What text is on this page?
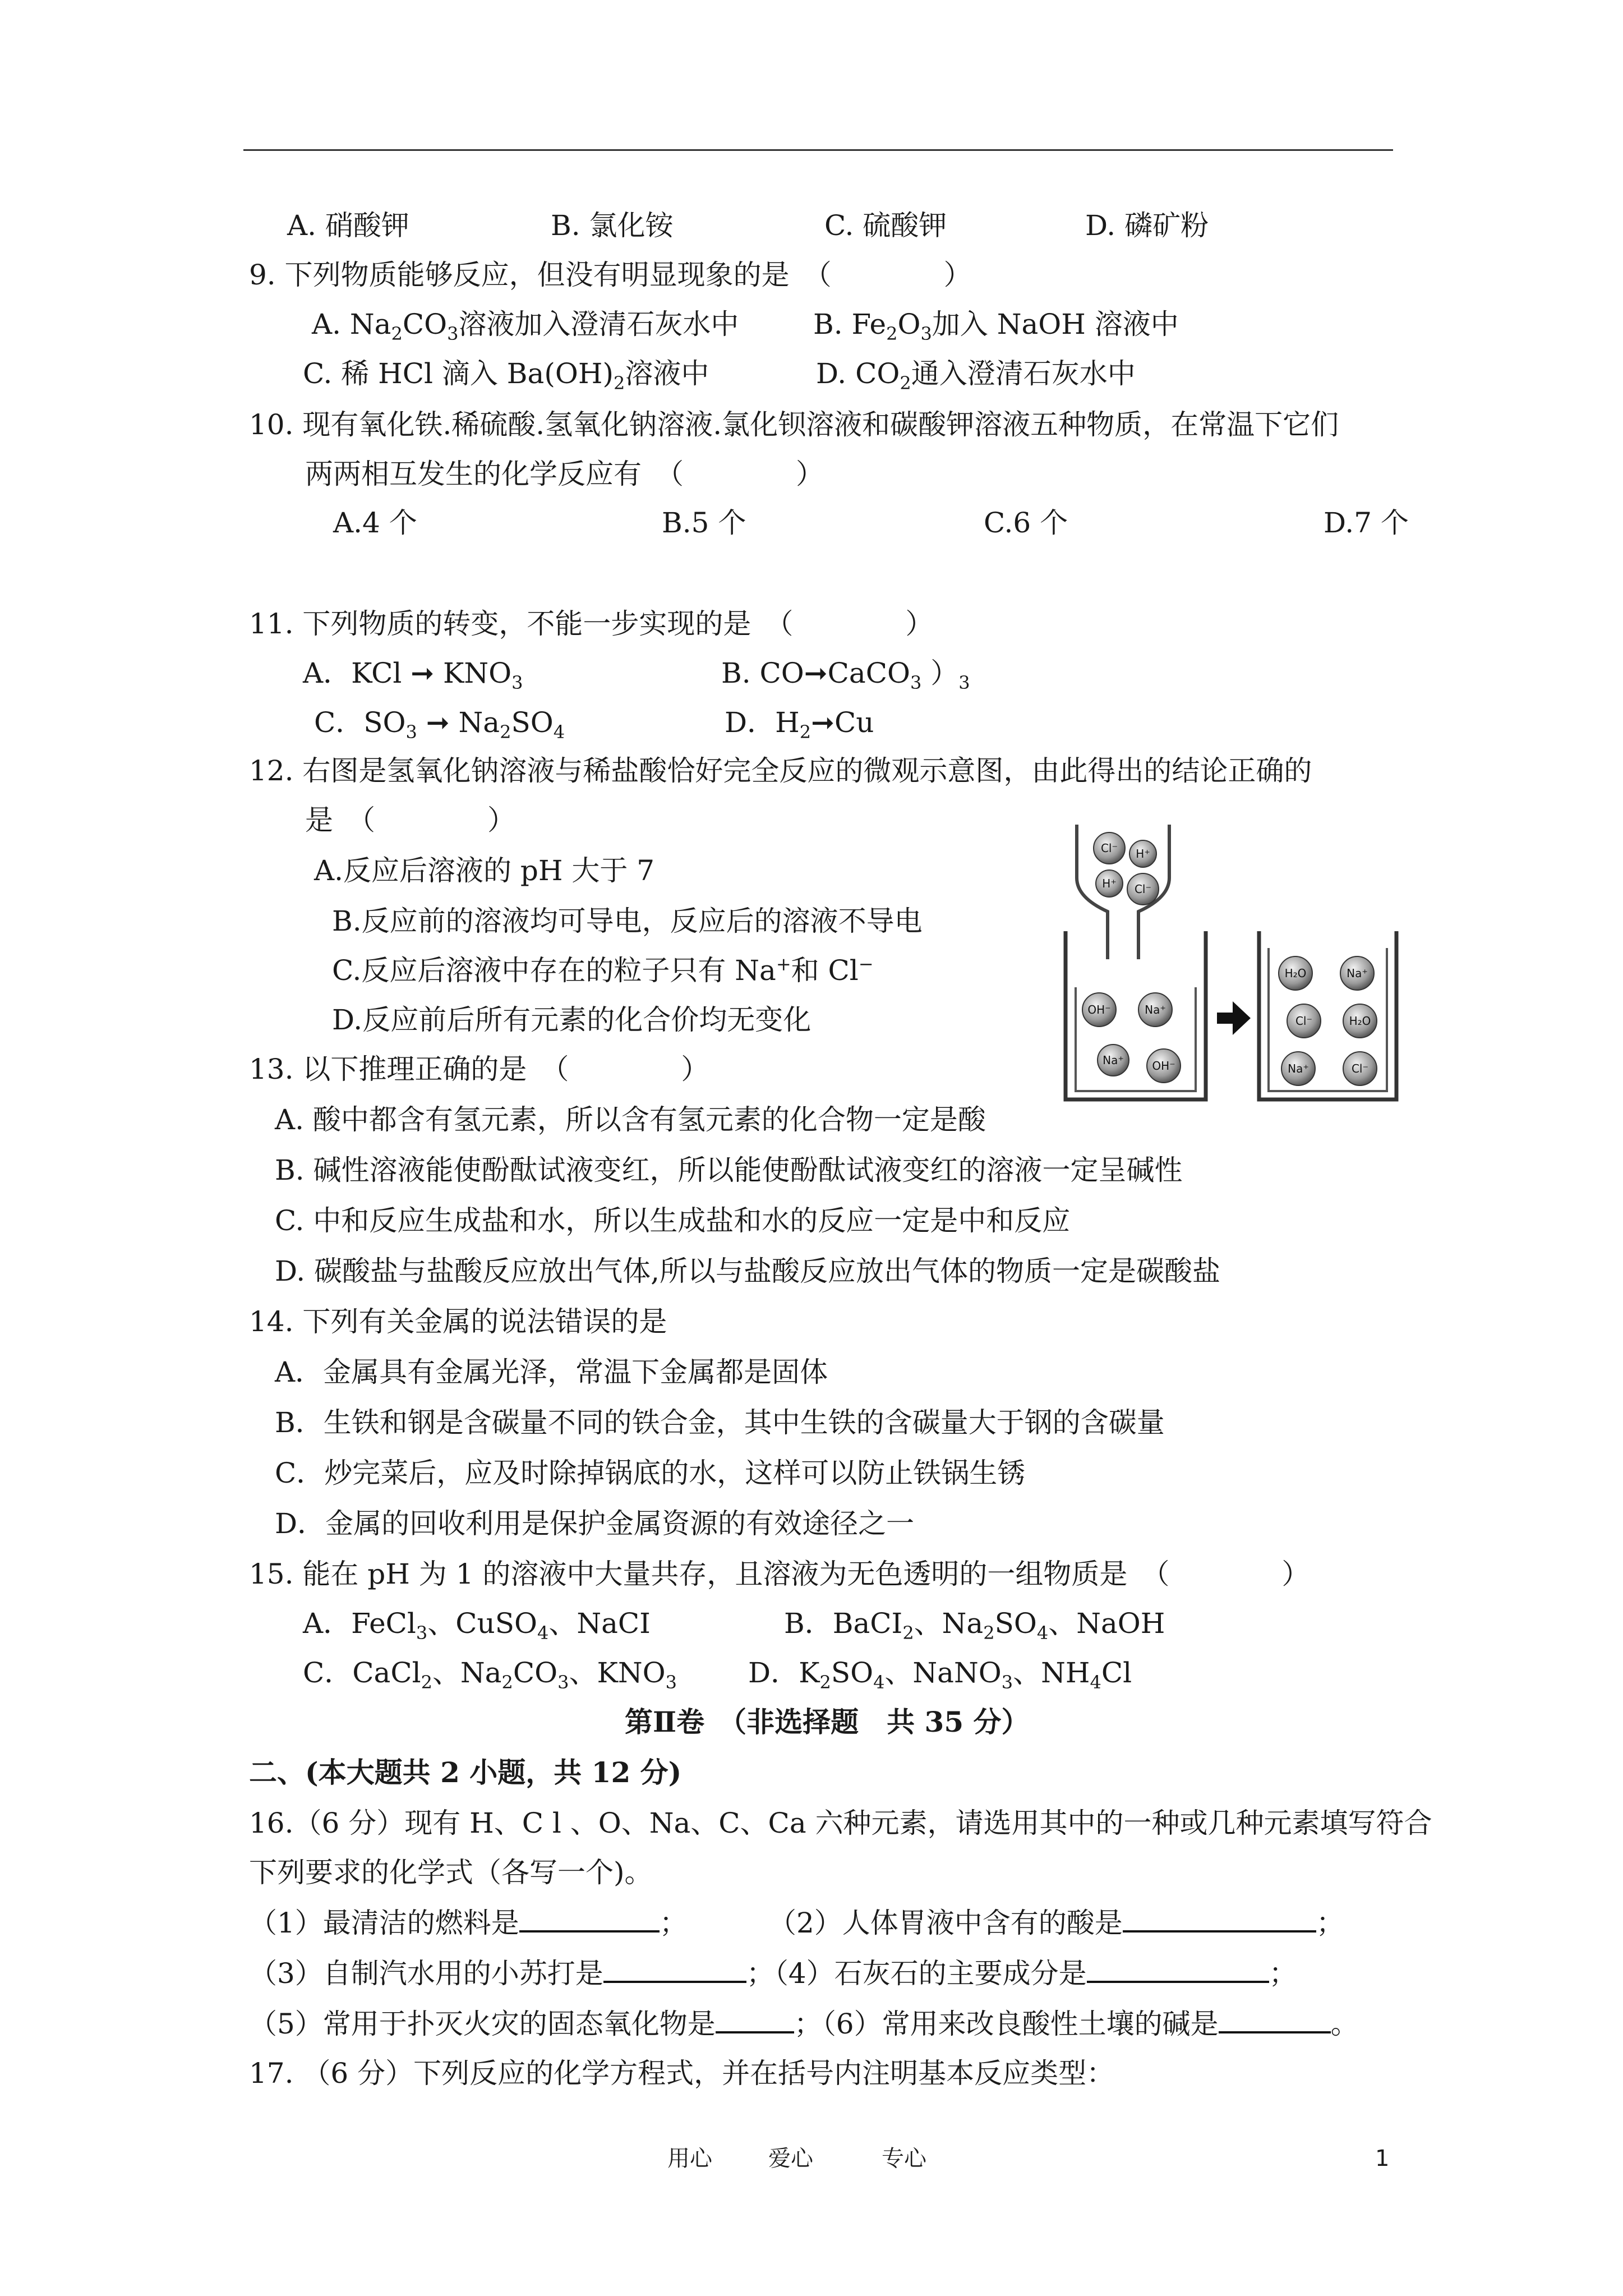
A. 硝酸钾	B. 氯化铵	C. 硫酸钾	D. 磷矿粉
9. 下列物质能够反应，但没有明显现象的是　（　　　　）
A. $Na_2CO_3$溶液加入澄清石灰水中	B. $Fe_2O_3$加入 NaOH 溶液中
C. 稀 HCl 滴入 $Ba(OH)_2$溶液中	D. $CO_2$通入澄清石灰水中
10. 现有氧化铁.稀硫酸.氢氧化钠溶液.氯化钡溶液和碳酸钾溶液五种物质，在常温下它们
两两相互发生的化学反应有　（　　　　）
A.4 个	B.5 个	C.6 个	D.7 个
11. 下列物质的转变，不能一步实现的是　（　　　　）
A．KCl ➞ $KNO_3$	B. CO➞CaCO$_3$ ）$_3$
C．$SO_3$ ➞ $Na_2SO_4$	D．$H_2➞Cu$
12. 右图是氢氧化钠溶液与稀盐酸恰好完全反应的微观示意图，由此得出的结论正确的
是　（　　　　）
A.反应后溶液的 pH 大于 7
B.反应前的溶液均可导电，反应后的溶液不导电
C.反应后溶液中存在的粒子只有 Na+和 Cl−
D.反应前后所有元素的化合价均无变化
Cl⁻ H⁺
H⁺ Cl⁻
OH⁻	Na⁺
Na⁺	OH⁻
H₂O	Na⁺
Cl⁻	H₂O
Na⁺	Cl⁻
13. 以下推理正确的是　（　　　　）
A. 酸中都含有氢元素，所以含有氢元素的化合物一定是酸
B. 碱性溶液能使酚酞试液变红，所以能使酚酞试液变红的溶液一定呈碱性
C. 中和反应生成盐和水，所以生成盐和水的反应一定是中和反应
D. 碳酸盐与盐酸反应放出气体,所以与盐酸反应放出气体的物质一定是碳酸盐
14. 下列有关金属的说法错误的是
A．金属具有金属光泽，常温下金属都是固体
B．生铁和钢是含碳量不同的铁合金，其中生铁的含碳量大于钢的含碳量
C．炒完菜后，应及时除掉锅底的水，这样可以防止铁锅生锈
D．金属的回收利用是保护金属资源的有效途径之一
15. 能在 pH 为 1 的溶液中大量共存，且溶液为无色透明的一组物质是　（　　　　）
A．FeCl$_3$、CuSO$_4$、NaCI	B．BaCI$_2$、$Na_2SO_4$、NaOH
C．CaCl$_2$、$Na_2CO_3$、$KNO_3$	D．$K_2SO_4$、NaNO$_3$、$NH_4Cl$
第Ⅱ卷　（非选择题　共 35 分）
二、(本大题共 2 小题，共 12 分)
16.（6 分）现有 H、C l 、O、Na、C、Ca 六种元素，请选用其中的一种或几种元素填写符合
下列要求的化学式（各写一个)。
（1）最清洁的燃料是	；	（2）人体胃液中含有的酸是	；
（3）自制汽水用的小苏打是	；（4）石灰石的主要成分是	；
（5）常用于扑灭火灾的固态氧化物是	；（6）常用来改良酸性土壤的碱是	。
17. （6 分）下列反应的化学方程式，并在括号内注明基本反应类型：
用心	爱心	专心	1
